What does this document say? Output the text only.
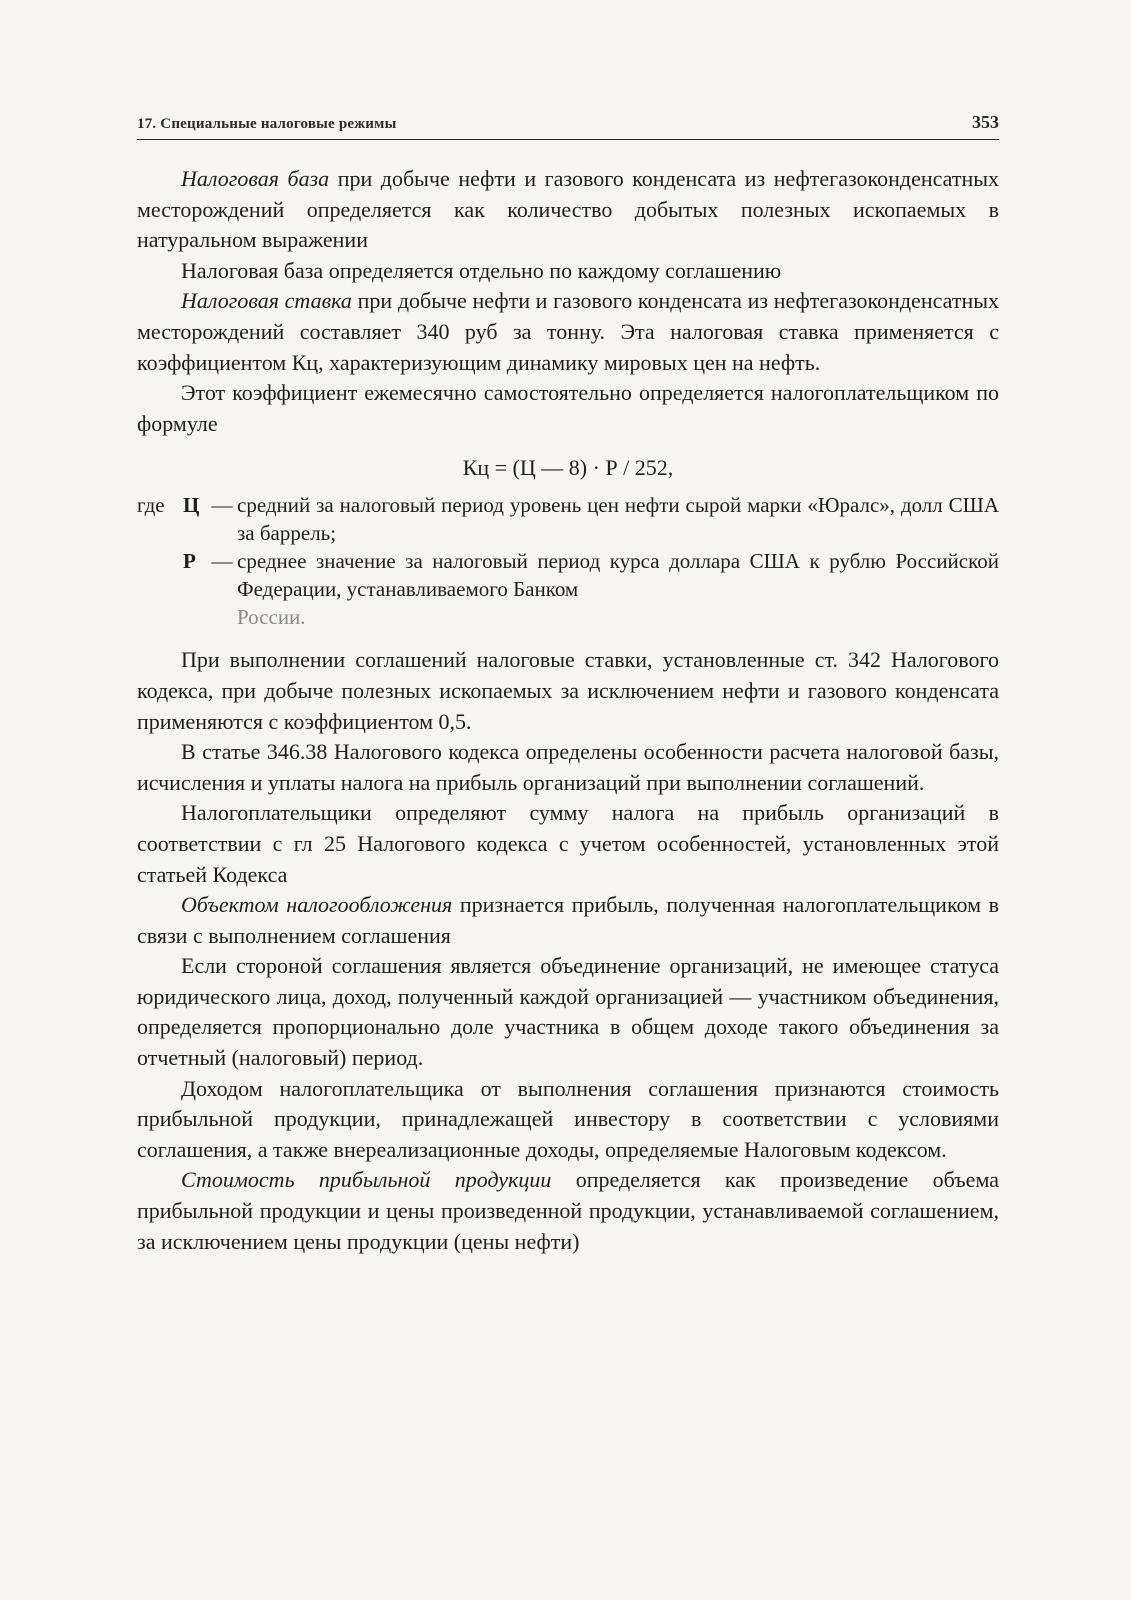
17. Специальные налоговые режимы	353

Налоговая база при добыче нефти и газового конденсата из нефтегазоконденсатных месторождений определяется как количество добытых полезных ископаемых в натуральном выражении

Налоговая база определяется отдельно по каждому соглашению

Налоговая ставка при добыче нефти и газового конденсата из нефтегазоконденсатных месторождений составляет 340 руб за тонну. Эта налоговая ставка применяется с коэффициентом Кц, характеризующим динамику мировых цен на нефть.

Этот коэффициент ежемесячно самостоятельно определяется налогоплательщиком по формуле

Кц = (Ц — 8) · Р / 252,
где Ц — средний за налоговый период уровень цен нефти сырой марки «Юралс», долл США за баррель;
Р — среднее значение за налоговый период курса доллара США к рублю Российской Федерации, устанавливаемого Банком
России.

При выполнении соглашений налоговые ставки, установленные ст. 342 Налогового кодекса, при добыче полезных ископаемых за исключением нефти и газового конденсата применяются с коэффициентом 0,5.

В статье 346.38 Налогового кодекса определены особенности расчета налоговой базы, исчисления и уплаты налога на прибыль организаций при выполнении соглашений.

Налогоплательщики определяют сумму налога на прибыль организаций в соответствии с гл 25 Налогового кодекса с учетом особенностей, установленных этой статьей Кодекса

Объектом налогообложения признается прибыль, полученная налогоплательщиком в связи с выполнением соглашения

Если стороной соглашения является объединение организаций, не имеющее статуса юридического лица, доход, полученный каждой организацией — участником объединения, определяется пропорционально доле участника в общем доходе такого объединения за отчетный (налоговый) период.

Доходом налогоплательщика от выполнения соглашения признаются стоимость прибыльной продукции, принадлежащей инвестору в соответствии с условиями соглашения, а также внереализационные доходы, определяемые Налоговым кодексом.

Стоимость прибыльной продукции определяется как произведение объема прибыльной продукции и цены произведенной продукции, устанавливаемой соглашением, за исключением цены продукции (цены нефти)
